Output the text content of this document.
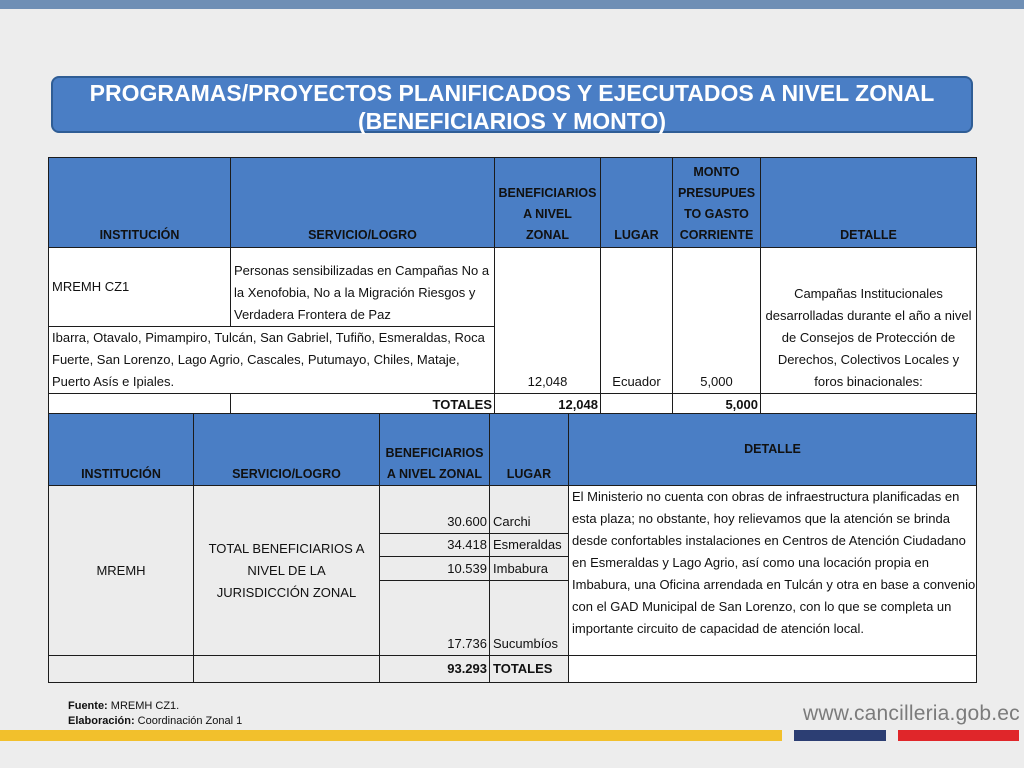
PROGRAMAS/PROYECTOS PLANIFICADOS Y EJECUTADOS A NIVEL ZONAL
(BENEFICIARIOS Y MONTO)
INSTITUCIÓN	SERVICIO/LOGRO	BENEFICIARIOS
A NIVEL
ZONAL	LUGAR	MONTO
PRESUPUES
TO GASTO
CORRIENTE	DETALLE
MREMH CZ1	Personas sensibilizadas en Campañas No a la Xenofobia, No a la Migración Riesgos y Verdadera Frontera de Paz	12,048	Ecuador	5,000	Campañas Institucionales desarrolladas durante el año a nivel de Consejos de Protección de Derechos, Colectivos Locales y foros binacionales:
Ibarra, Otavalo, Pimampiro, Tulcán, San Gabriel, Tufiño, Esmeraldas, Roca Fuerte, San Lorenzo, Lago Agrio, Cascales, Putumayo, Chiles, Mataje, Puerto Asís e Ipiales.					
	TOTALES	12,048		5,000	
INSTITUCIÓN	SERVICIO/LOGRO	BENEFICIARIOS
A NIVEL ZONAL	LUGAR	DETALLE
MREMH	TOTAL BENEFICIARIOS A NIVEL DE LA JURISDICCIÓN ZONAL	30.600	Carchi	El Ministerio no cuenta con obras de infraestructura planificadas en esta plaza; no obstante, hoy relievamos que la atención se brinda desde confortables instalaciones en Centros de Atención Ciudadano en Esmeraldas y Lago Agrio, así como una locación propia en Imbabura, una Oficina arrendada en Tulcán y otra en base a convenio con el GAD Municipal de San Lorenzo, con lo que se completa un importante circuito de capacidad de atención local.
		34.418	Esmeraldas	
		10.539	Imbabura	
		17.736	Sucumbíos	
		93.293	TOTALES	
Fuente: MREMH CZ1.
Elaboración: Coordinación Zonal 1	www.cancilleria.gob.ec
